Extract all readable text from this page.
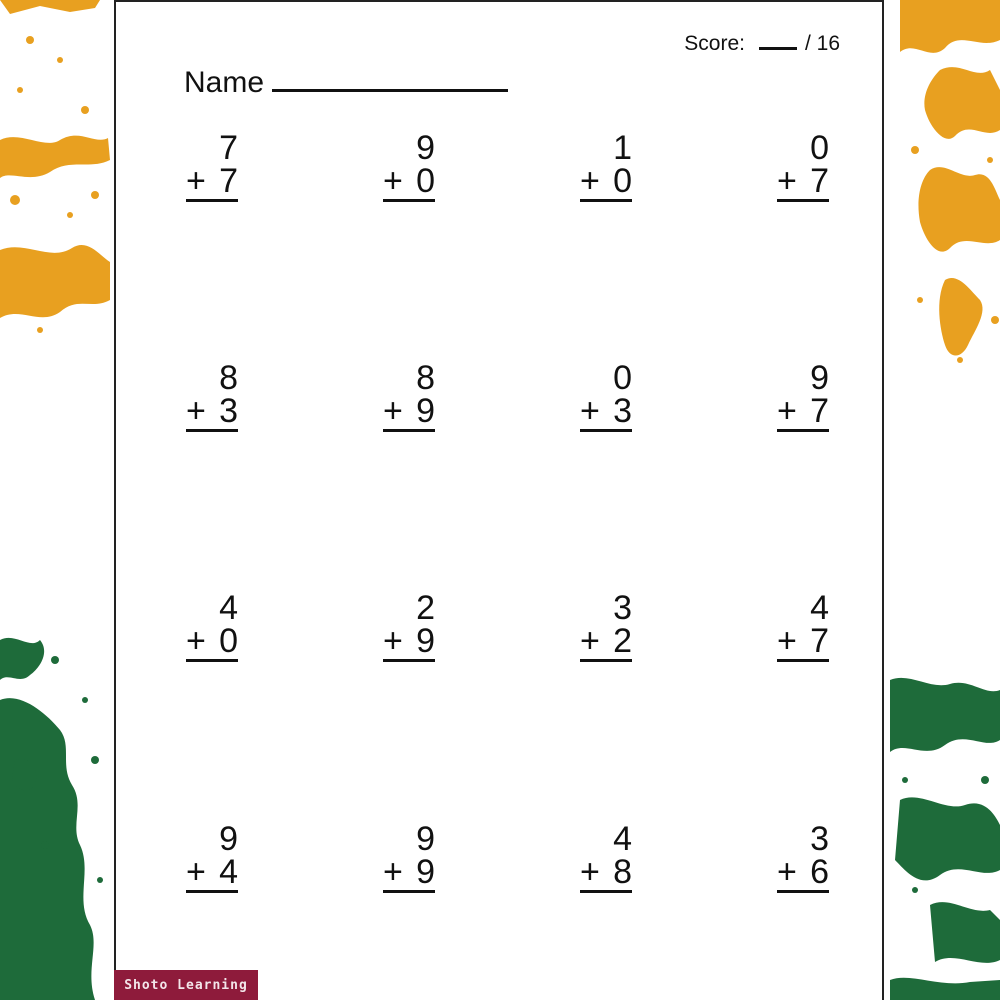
Score:	/ 16
Name
7
+ 7
9
+ 0
1
+ 0
0
+ 7
8
+ 3
8
+ 9
0
+ 3
9
+ 7
4
+ 0
2
+ 9
3
+ 2
4
+ 7
9
+ 4
9
+ 9
4
+ 8
3
+ 6
Shoto Learning
